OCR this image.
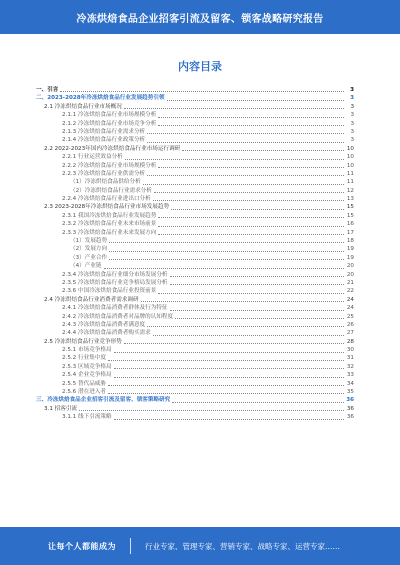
冷冻烘焙食品企业招客引流及留客、锁客战略研究报告
内容目录
一、引言	3
二、2023-2028年冷冻烘焙食品行业发展趋势引领	3
2.1 冷冻烘焙食品行业市场概况	3
2.1.1 冷冻烘焙食品行业市场规模分析	3
2.1.2 冷冻烘焙食品行业市场竞争分析	3
2.1.3 冷冻烘焙食品行业需求分析	3
2.1.4 冷冻烘焙食品行业政策分析	3
2.2 2022-2023年国内冷冻烘焙食品行业市场运行调研	10
2.2.1 行业运营效益分析	10
2.2.2 冷冻烘焙食品行业市场规模分析	10
2.2.3 冷冻烘焙食品行业供需分析	11
（1）冷冻烘焙食品供给分析	11
（2）冷冻烘焙食品行业需求分析	12
2.2.4 冷冻烘焙食品行业进出口分析	13
2.3 2023-2028年冷冻烘焙食品行业市场发展趋势	15
2.3.1 我国冷冻烘焙食品行业发展趋势	15
2.3.2 冷冻烘焙食品行业未来市场前景	16
2.3.3 冷冻烘焙食品行业未来发展方向	17
（1）发展趋势	18
（2）发展方向	19
（3）产业合作	19
（4）产业链	20
2.3.4 冷冻烘焙食品行业细分市场发展分析	20
2.3.5 冷冻烘焙食品行业竞争格局发展分析	21
2.3.6 中国冷冻烘焙食品行业投资前景	22
2.4 冷冻烘焙食品行业消费者需求调研	24
2.4.1 冷冻烘焙食品消费者群体及行为特征	24
2.4.2 冷冻烘焙食品消费者对品牌的认知程度	25
2.4.3 冷冻烘焙食品消费者满意度	26
2.4.4 冷冻烘焙食品消费者购买需求	27
2.5 冷冻烘焙食品行业竞争形势	28
2.5.1 市场竞争格局	30
2.5.2 行业集中度	31
2.5.3 区域竞争格局	32
2.5.4 企业竞争格局	33
2.5.5 替代品威胁	34
2.5.6 潜在进入者	35
三、冷冻烘焙食品企业招客引流及留客、锁客策略研究	36
3.1 招客引流	36
3.1.1 线下引流策略	36
让每个人都能成为	行业专家、管理专家、营销专家、战略专家、运营专家……
